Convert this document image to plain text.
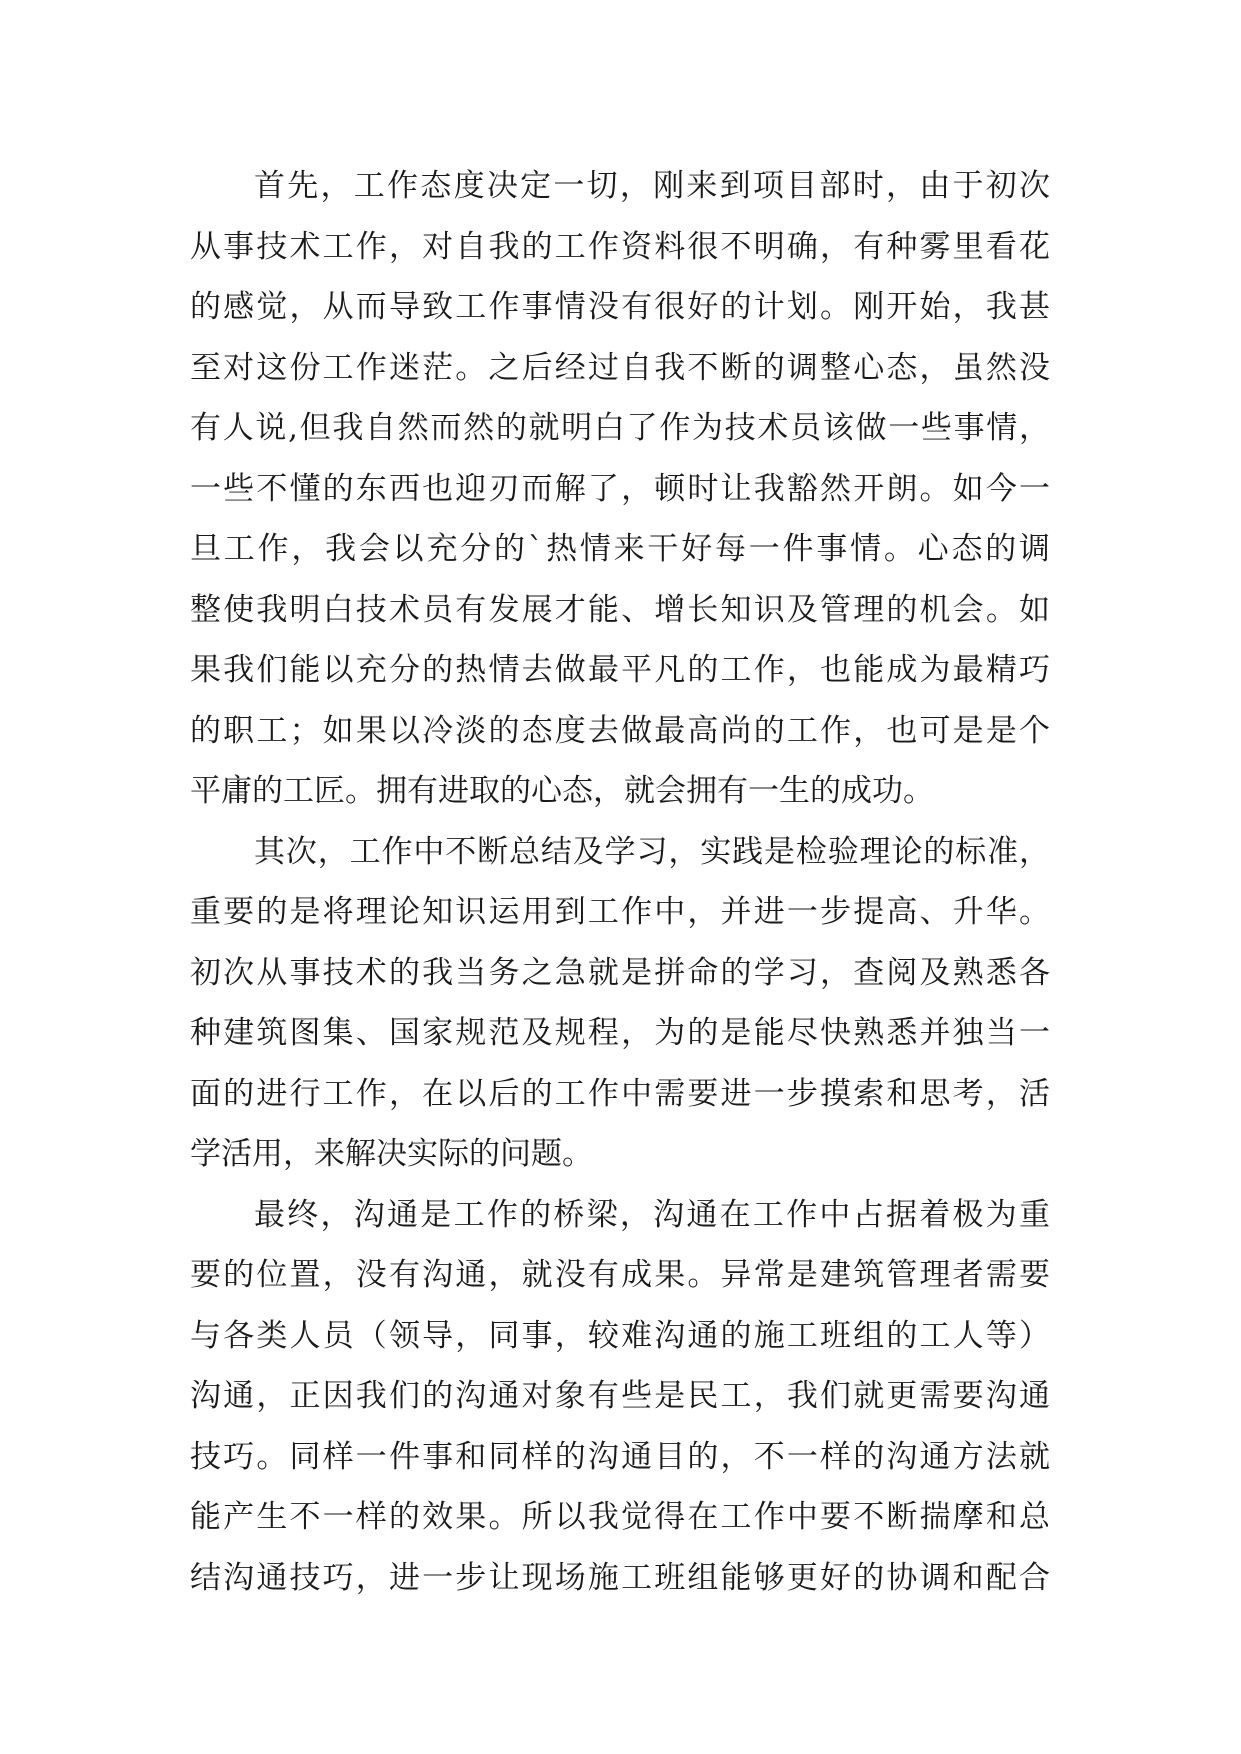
首先，工作态度决定一切，刚来到项目部时，由于初次
从事技术工作，对自我的工作资料很不明确，有种雾里看花
的感觉，从而导致工作事情没有很好的计划。刚开始，我甚
至对这份工作迷茫。之后经过自我不断的调整心态，虽然没
有人说,但我自然而然的就明白了作为技术员该做一些事情，
一些不懂的东西也迎刃而解了，顿时让我豁然开朗。如今一
旦工作，我会以充分的`热情来干好每一件事情。心态的调
整使我明白技术员有发展才能、增长知识及管理的机会。如
果我们能以充分的热情去做最平凡的工作，也能成为最精巧
的职工；如果以冷淡的态度去做最高尚的工作，也可是是个
平庸的工匠。拥有进取的心态，就会拥有一生的成功。
其次，工作中不断总结及学习，实践是检验理论的标准，
重要的是将理论知识运用到工作中，并进一步提高、升华。
初次从事技术的我当务之急就是拼命的学习，查阅及熟悉各
种建筑图集、国家规范及规程，为的是能尽快熟悉并独当一
面的进行工作，在以后的工作中需要进一步摸索和思考，活
学活用，来解决实际的问题。
最终，沟通是工作的桥梁，沟通在工作中占据着极为重
要的位置，没有沟通，就没有成果。异常是建筑管理者需要
与各类人员（领导，同事，较难沟通的施工班组的工人等）
沟通，正因我们的沟通对象有些是民工，我们就更需要沟通
技巧。同样一件事和同样的沟通目的，不一样的沟通方法就
能产生不一样的效果。所以我觉得在工作中要不断揣摩和总
结沟通技巧，进一步让现场施工班组能够更好的协调和配合
